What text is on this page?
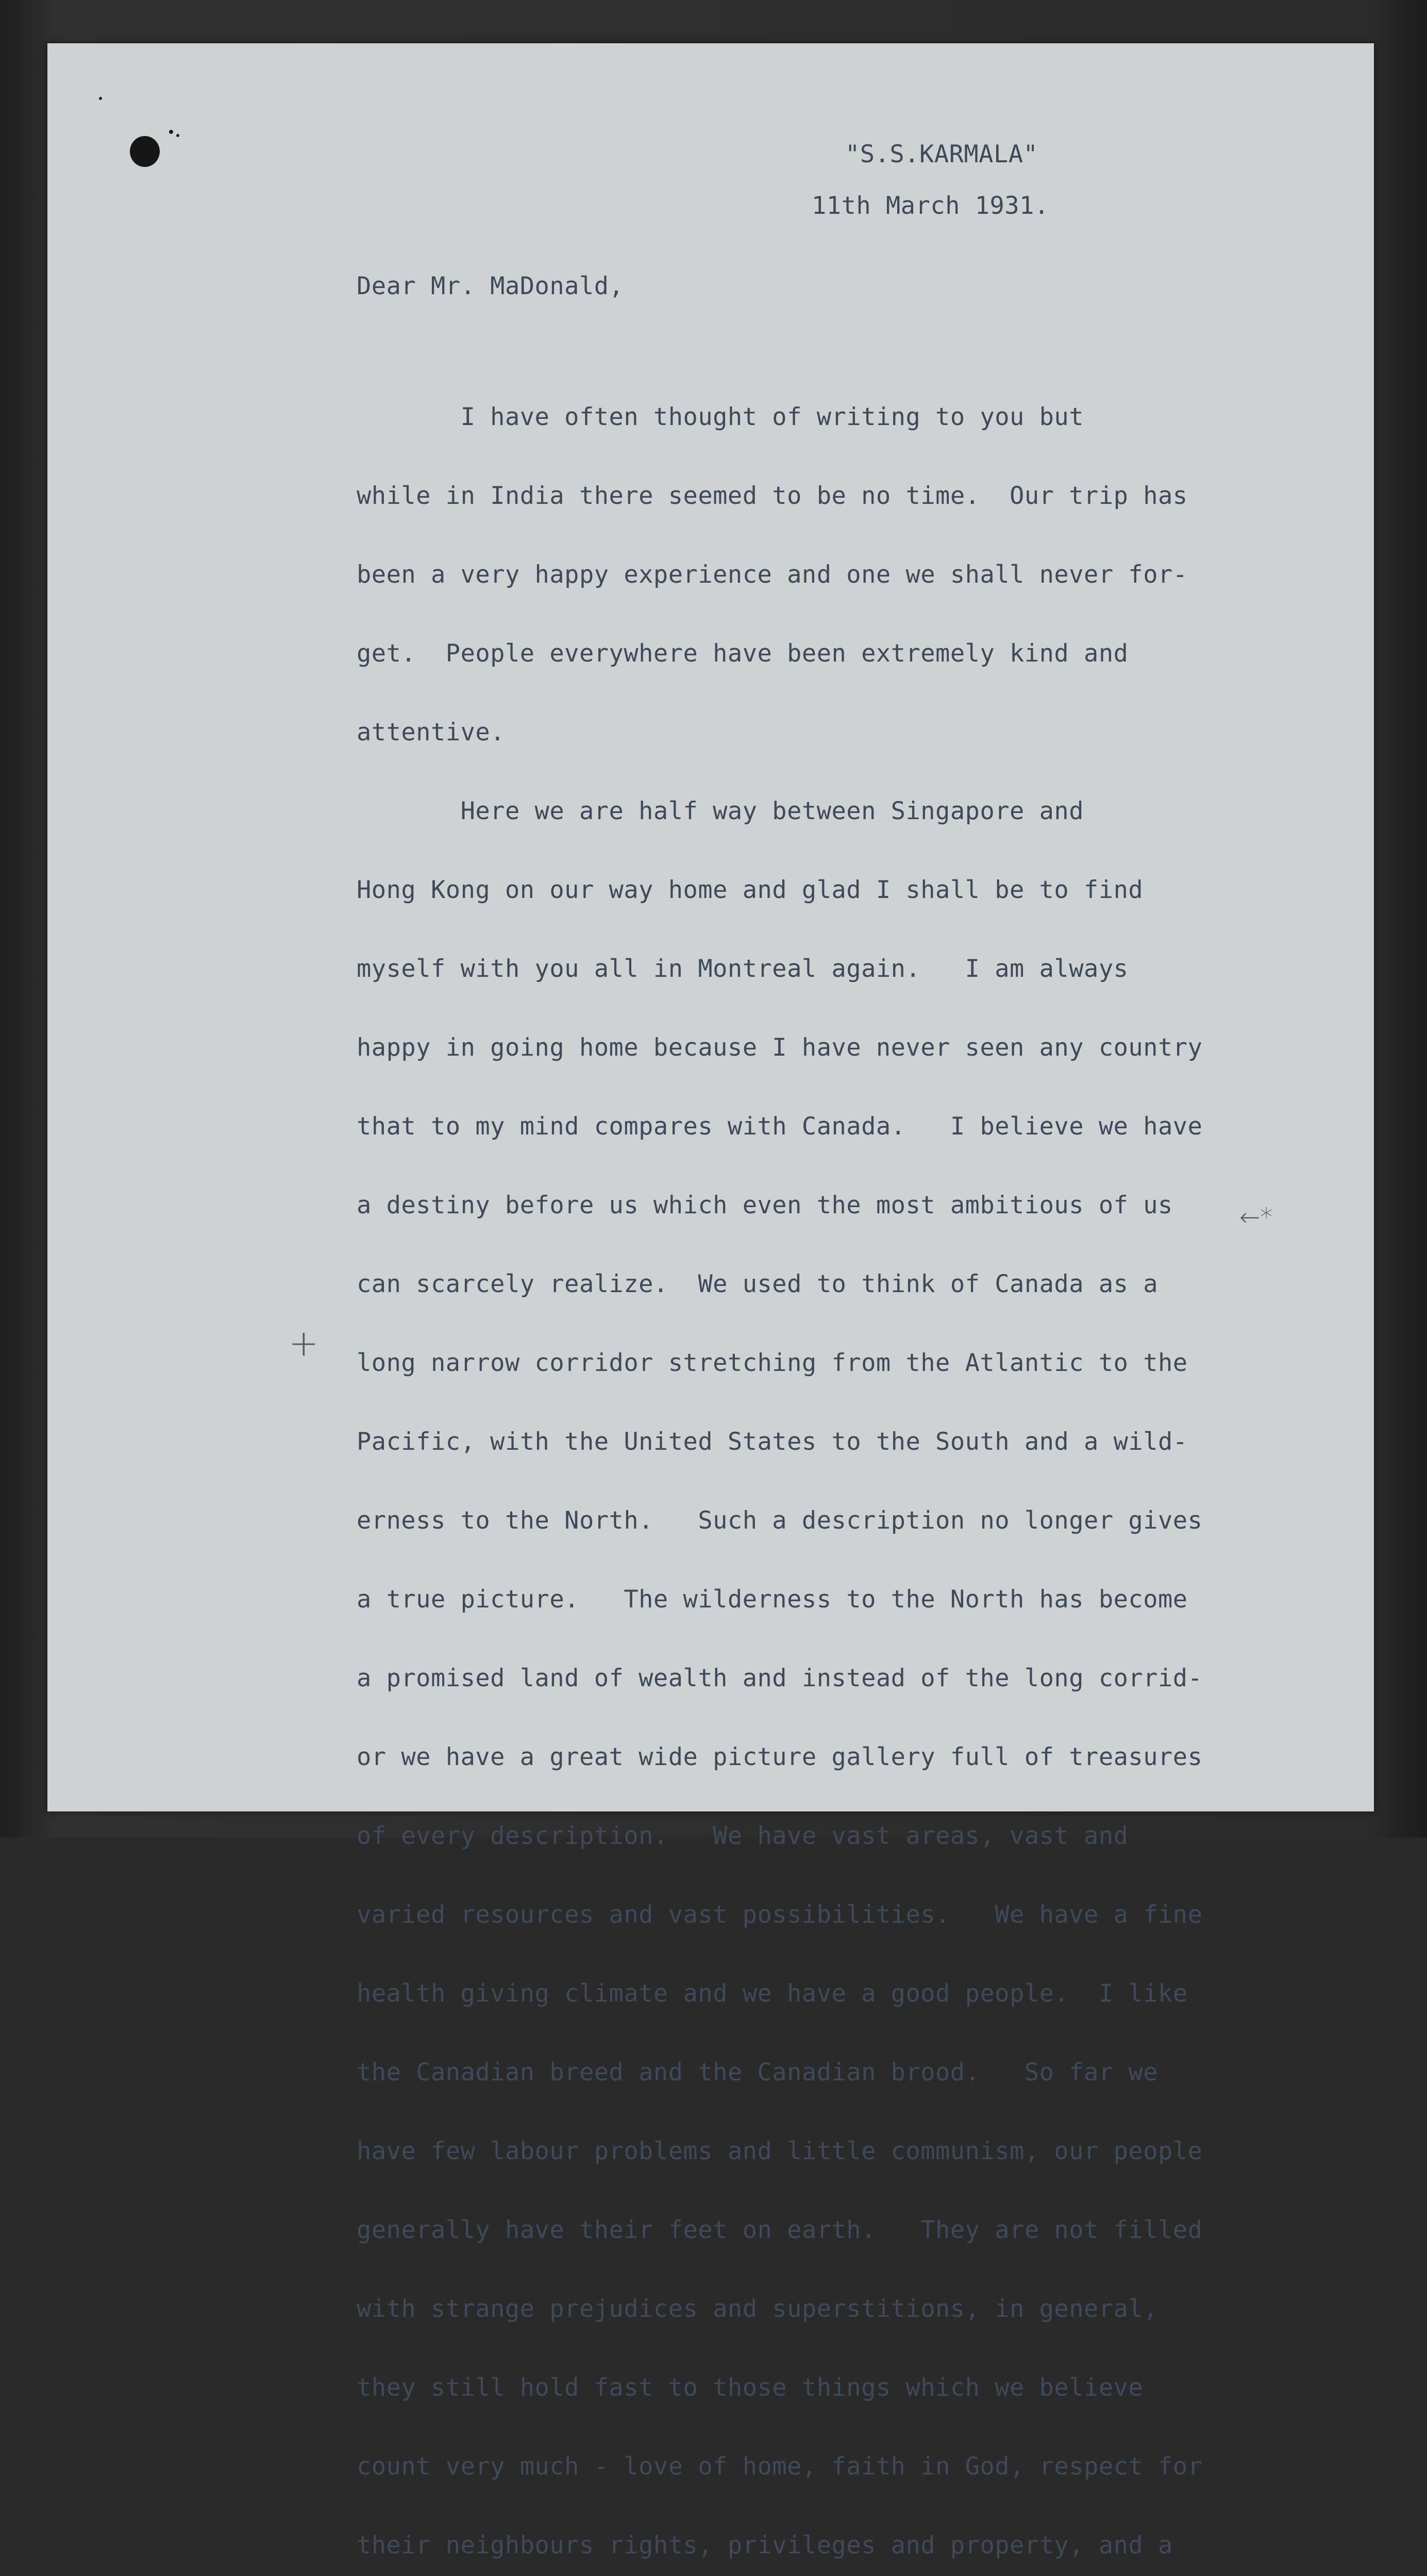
"S.S.KARMALA"

11th March 1931.

Dear Mr. MaDonald,

I have often thought of writing to you but

while in India there seemed to be no time.  Our trip has

been a very happy experience and one we shall never for-

get.  People everywhere have been extremely kind and

attentive.

Here we are half way between Singapore and

Hong Kong on our way home and glad I shall be to find

myself with you all in Montreal again.   I am always

happy in going home because I have never seen any country

that to my mind compares with Canada.   I believe we have

a destiny before us which even the most ambitious of us

can scarcely realize.  We used to think of Canada as a

long narrow corridor stretching from the Atlantic to the

Pacific, with the United States to the South and a wild-

erness to the North.   Such a description no longer gives

a true picture.   The wilderness to the North has become

a promised land of wealth and instead of the long corrid-

or we have a great wide picture gallery full of treasures

of every description.   We have vast areas, vast and

varied resources and vast possibilities.   We have a fine

health giving climate and we have a good people.  I like

the Canadian breed and the Canadian brood.   So far we

have few labour problems and little communism, our people

generally have their feet on earth.   They are not filled

with strange prejudices and superstitions, in general,

they still hold fast to those things which we believe

count very much - love of home, faith in God, respect for

their neighbours rights, privileges and property, and a

←*
+
